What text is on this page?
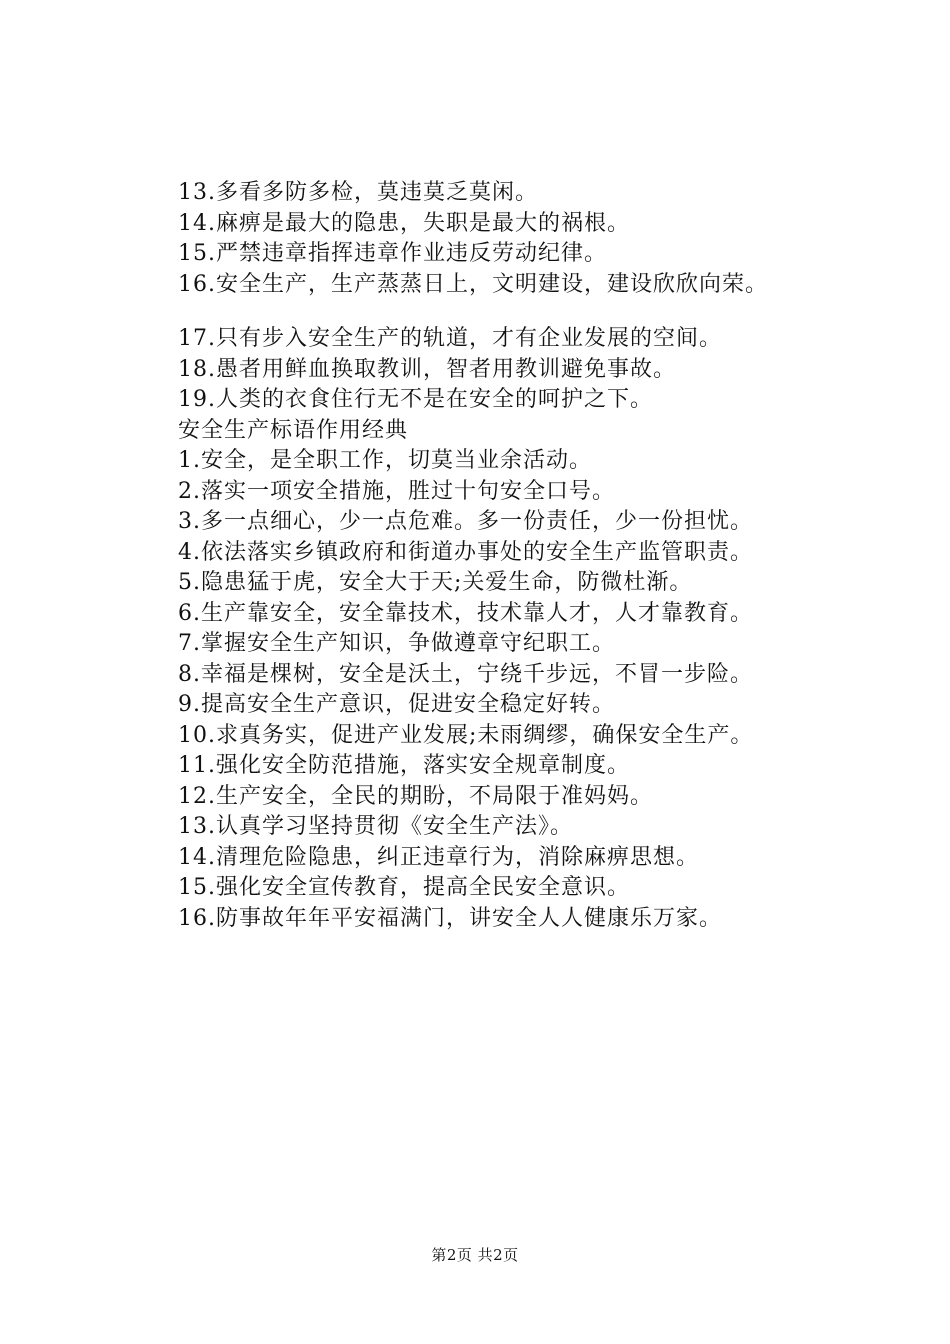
13.多看多防多检，莫违莫乏莫闲。
14.麻痹是最大的隐患，失职是最大的祸根。
15.严禁违章指挥违章作业违反劳动纪律。
16.安全生产，生产蒸蒸日上，文明建设，建设欣欣向荣。
17.只有步入安全生产的轨道，才有企业发展的空间。
18.愚者用鲜血换取教训，智者用教训避免事故。
19.人类的衣食住行无不是在安全的呵护之下。
安全生产标语作用经典
1.安全，是全职工作，切莫当业余活动。
2.落实一项安全措施，胜过十句安全口号。
3.多一点细心，少一点危难。多一份责任，少一份担忧。
4.依法落实乡镇政府和街道办事处的安全生产监管职责。
5.隐患猛于虎，安全大于天;关爱生命，防微杜渐。
6.生产靠安全，安全靠技术，技术靠人才，人才靠教育。
7.掌握安全生产知识，争做遵章守纪职工。
8.幸福是棵树，安全是沃土，宁绕千步远，不冒一步险。
9.提高安全生产意识，促进安全稳定好转。
10.求真务实，促进产业发展;未雨绸缪，确保安全生产。
11.强化安全防范措施，落实安全规章制度。
12.生产安全，全民的期盼，不局限于准妈妈。
13.认真学习坚持贯彻《安全生产法》。
14.清理危险隐患，纠正违章行为，消除麻痹思想。
15.强化安全宣传教育，提高全民安全意识。
16.防事故年年平安福满门，讲安全人人健康乐万家。
第2页 共2页
